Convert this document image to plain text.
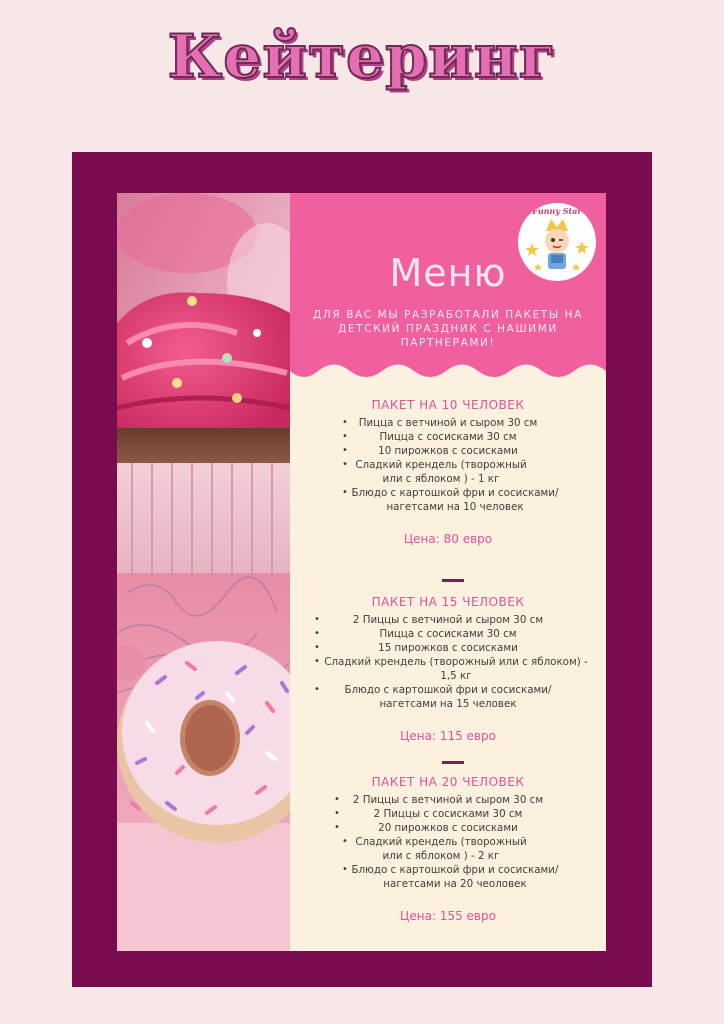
Кейтеринг
Funny Star
Меню
ДЛЯ ВАС МЫ РАЗРАБОТАЛИ ПАКЕТЫ НА ДЕТСКИЙ ПРАЗДНИК С НАШИМИ ПАРТНЕРАМИ!
ПАКЕТ НА 10 ЧЕЛОВЕК
• Пицца с ветчиной и сыром 30 см
•	Пицца с сосисками 30 см
•	10 пирожков с сосисками
• Сладкий крендель (творожный или с яблоком ) - 1 кг
• Блюдо с картошкой фри и сосисками/нагетсами на 10 человек
Цена: 80 евро
ПАКЕТ НА 15 ЧЕЛОВЕК
•	2 Пиццы с ветчиной и сыром 30 см
•	Пицца с сосисками 30 см
•	15 пирожков с сосисками
• Сладкий крендель (творожный или с яблоком) - 1,5 кг
• Блюдо с картошкой фри и сосисками/ нагетсами на 15 человек
Цена: 115 евро
ПАКЕТ НА 20 ЧЕЛОВЕК
• 2 Пиццы с ветчиной и сыром 30 см
•	2 Пиццы с сосисками 30 см
•	20 пирожков с сосисками
• Сладкий крендель (творожный или с яблоком ) - 2 кг
• Блюдо с картошкой фри и сосисками/нагетсами на 20 чeoловек
Цена: 155 евро
